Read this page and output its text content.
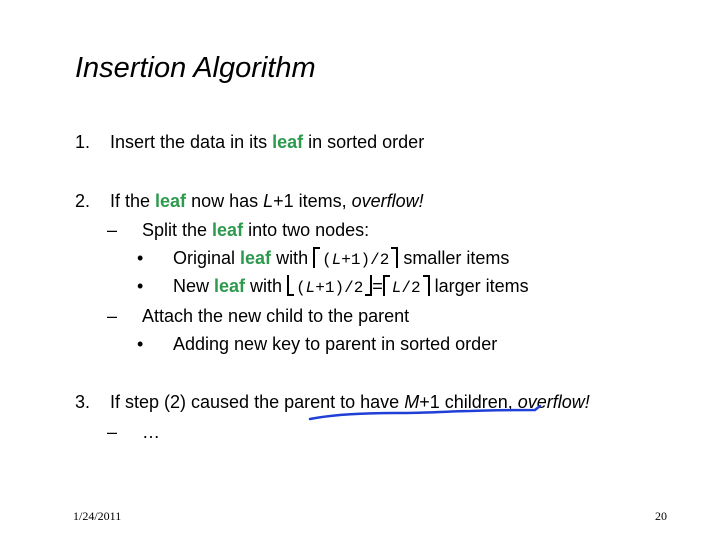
Insertion Algorithm
1. Insert the data in its leaf in sorted order
2. If the leaf now has L+1 items, overflow!
– Split the leaf into two nodes:
• Original leaf with (L+1)/2 smaller items
• New leaf with (L+1)/2 = L/2 larger items
– Attach the new child to the parent
• Adding new key to parent in sorted order
3. If step (2) caused the parent to have M+1 children, overflow!
– …
1/24/2011	20
